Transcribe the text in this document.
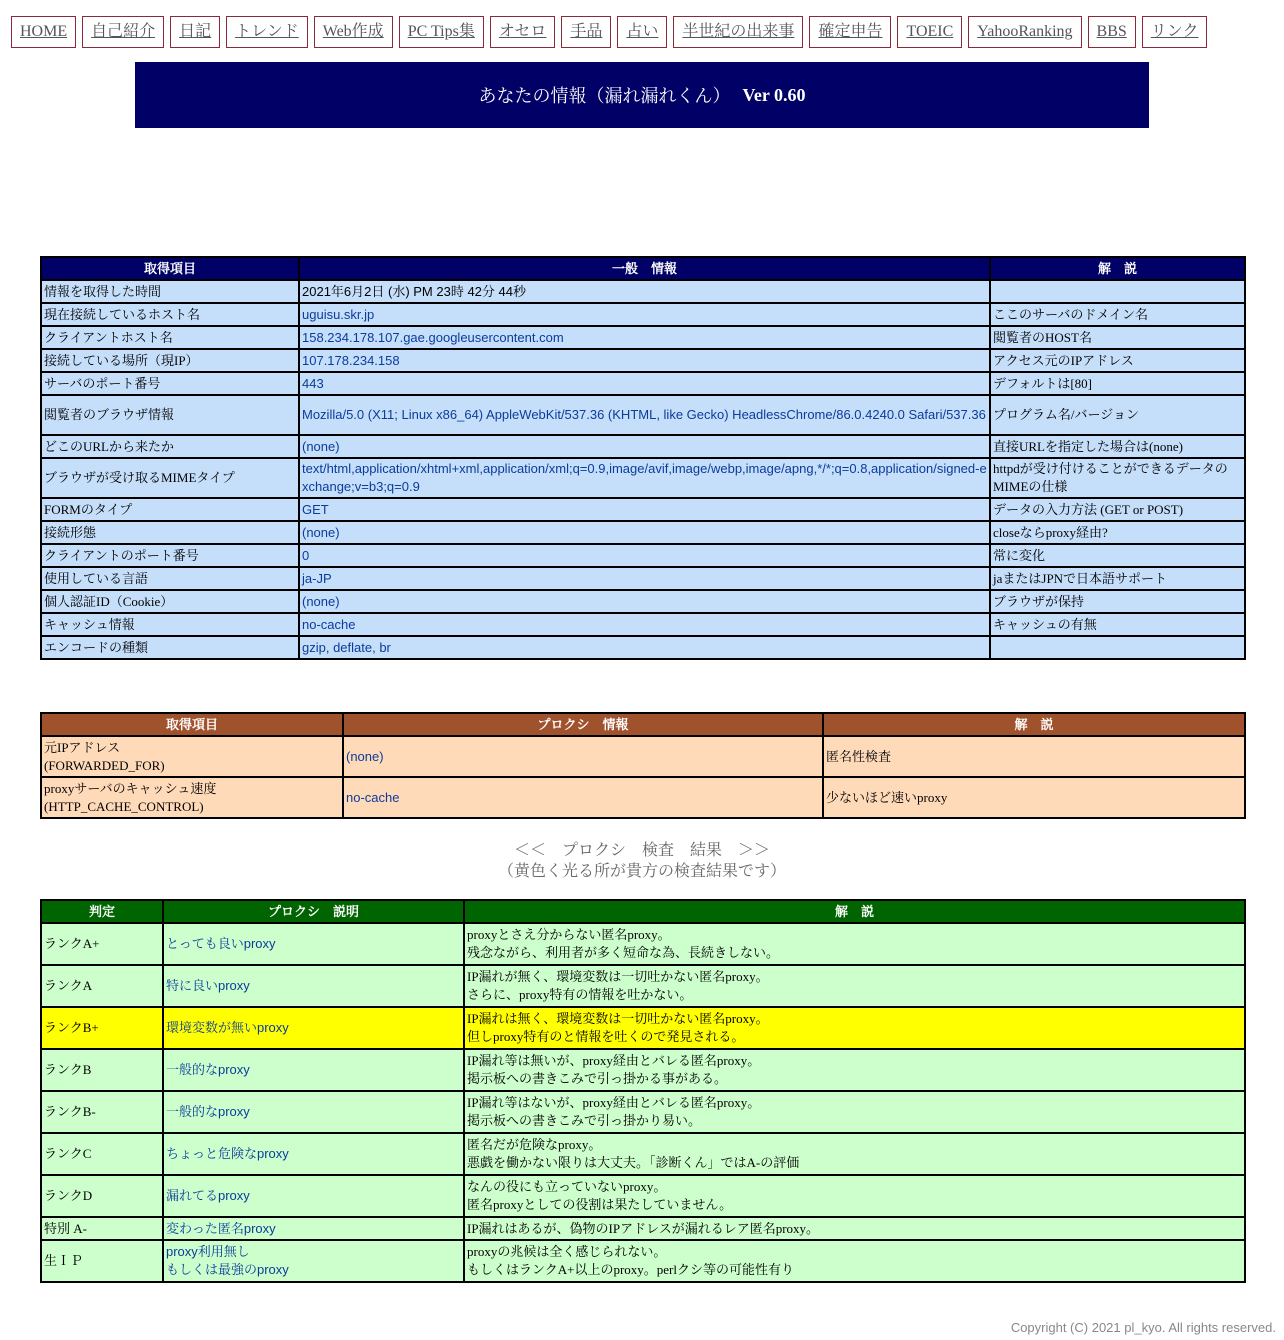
HOME	自己紹介	日記	トレンド	Web作成	PC Tips集	オセロ	手品	占い	半世紀の出来事	確定申告	TOEIC	YahooRanking	BBS	リンク
あなたの情報（漏れ漏れくん） Ver 0.60
取得項目	一般　情報	解　説
情報を取得した時間	2021年6月2日 (水) PM 23時 42分 44秒	
現在接続しているホスト名	uguisu.skr.jp	ここのサーバのドメイン名
クライアントホスト名	158.234.178.107.gae.googleusercontent.com	閲覧者のHOST名
接続している場所（現IP）	107.178.234.158	アクセス元のIPアドレス
サーバのポート番号	443	デフォルトは[80]
閲覧者のブラウザ情報	Mozilla/5.0 (X11; Linux x86_64) AppleWebKit/537.36 (KHTML, like Gecko) HeadlessChrome/86.0.4240.0 Safari/537.36	プログラム名/バージョン
どこのURLから来たか	(none)	直接URLを指定した場合は(none)
ブラウザが受け取るMIMEタイプ	text/html,application/xhtml+xml,application/xml;q=0.9,image/avif,image/webp,image/apng,*/*;q=0.8,application/signed-exchange;v=b3;q=0.9	httpdが受け付けることができるデータのMIMEの仕様
FORMのタイプ	GET	データの入力方法 (GET or POST)
接続形態	(none)	closeならproxy経由?
クライアントのポート番号	0	常に変化
使用している言語	ja-JP	jaまたはJPNで日本語サポート
個人認証ID（Cookie）	(none)	ブラウザが保持
キャッシュ情報	no-cache	キャッシュの有無
エンコードの種類	gzip, deflate, br	
取得項目	プロクシ　情報	解　説
元IPアドレス
(FORWARDED_FOR)	(none)	匿名性検査
proxyサーバのキャッシュ速度
(HTTP_CACHE_CONTROL)	no-cache	少ないほど速いproxy
＜＜　プロクシ　検査　結果　＞＞
（黄色く光る所が貴方の検査結果です）
判定	プロクシ　説明	解　説
ランクA+	とっても良いproxy	proxyとさえ分からない匿名proxy。
残念ながら、利用者が多く短命な為、長続きしない。
ランクA	特に良いproxy	IP漏れが無く、環境変数は一切吐かない匿名proxy。
さらに、proxy特有の情報を吐かない。
ランクB+	環境変数が無いproxy	IP漏れは無く、環境変数は一切吐かない匿名proxy。
但しproxy特有のと情報を吐くので発見される。
ランクB	一般的なproxy	IP漏れ等は無いが、proxy経由とバレる匿名proxy。
掲示板への書きこみで引っ掛かる事がある。
ランクB-	一般的なproxy	IP漏れ等はないが、proxy経由とバレる匿名proxy。
掲示板への書きこみで引っ掛かり易い。
ランクC	ちょっと危険なproxy	匿名だが危険なproxy。
悪戯を働かない限りは大丈夫。「診断くん」ではA-の評価
ランクD	漏れてるproxy	なんの役にも立っていないproxy。
匿名proxyとしての役割は果たしていません。
特別 A-	変わった匿名proxy	IP漏れはあるが、偽物のIPアドレスが漏れるレア匿名proxy。
生ＩＰ	proxy利用無し
もしくは最強のproxy	proxyの兆候は全く感じられない。
もしくはランクA+以上のproxy。perlクシ等の可能性有り
Copyright (C) 2021 pl_kyo. All rights reserved.
